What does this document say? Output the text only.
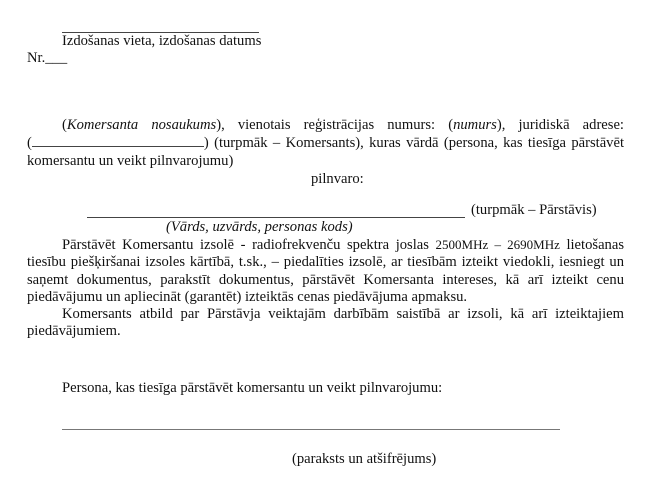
Izdošanas vieta, izdošanas datums
Nr.___
(Komersanta nosaukums), vienotais reģistrācijas numurs: (numurs), juridiskā adrese:
(	) (turpmāk – Komersants), kuras vārdā (persona, kas tiesīga pārstāvēt
komersantu un veikt pilnvarojumu)
pilnvaro:
(turpmāk – Pārstāvis)
(Vārds, uzvārds, personas kods)
Pārstāvēt Komersantu izsolē - radiofrekvenču spektra joslas 2500MHz – 2690MHz lietošanas
tiesību piešķiršanai izsoles kārtībā, t.sk., – piedalīties izsolē, ar tiesībām izteikt viedokli, iesniegt un
saņemt dokumentus, parakstīt dokumentus, pārstāvēt Komersanta intereses, kā arī izteikt cenu
piedāvājumu un apliecināt (garantēt) izteiktās cenas piedāvājuma apmaksu.
Komersants atbild par Pārstāvja veiktajām darbībām saistībā ar izsoli, kā arī izteiktajiem
piedāvājumiem.
Persona, kas tiesīga pārstāvēt komersantu un veikt pilnvarojumu:
(paraksts un atšifrējums)
